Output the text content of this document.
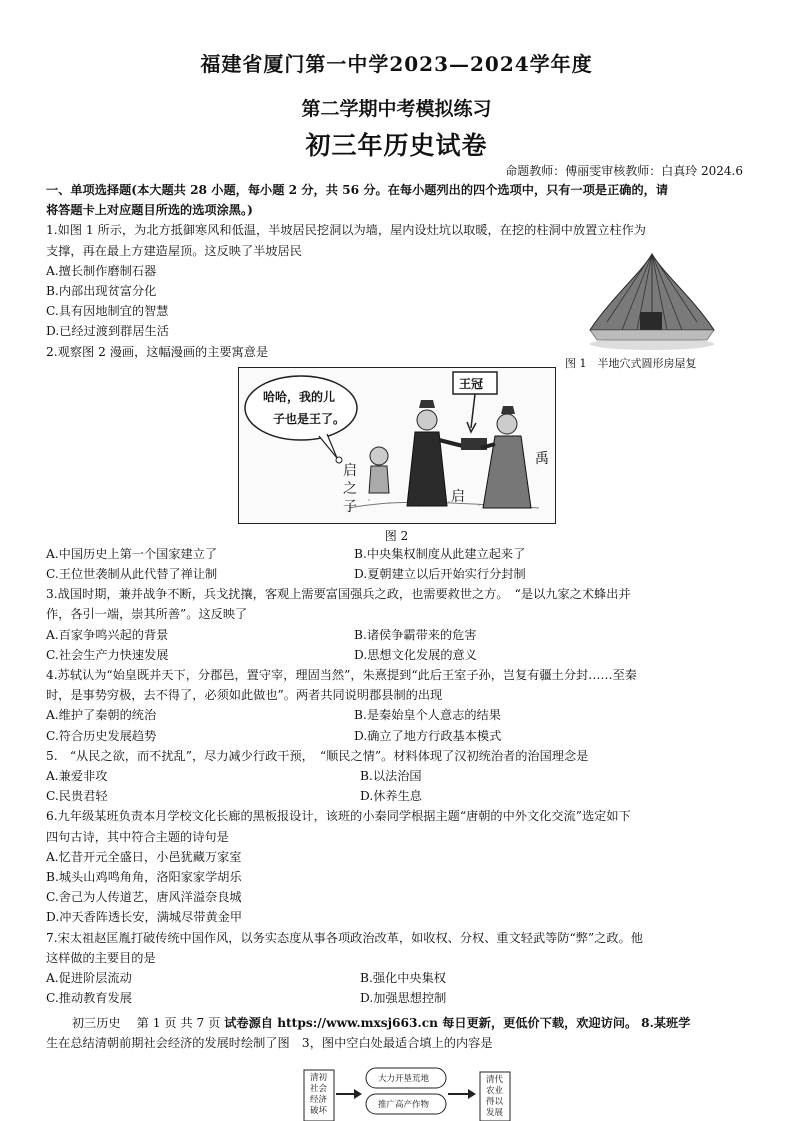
福建省厦门第一中学2023—2024学年度
第二学期中考模拟练习
初三年历史试卷
命题教师：傅丽雯审核教师：白真玲 2024.6
图 1　半地穴式圆形房屋复
哈哈，我的儿
子也是王了。
王冠
禹
启
启
之
子
图 2
一、单项选择题(本大题共 28 小题，每小题 2 分，共 56 分。在每小题列出的四个选项中，只有一项是正确的，请
将答题卡上对应题目所选的选项涂黑。)
1.如图 1 所示，为北方抵御寒风和低温，半坡居民挖洞以为墙，屋内设灶坑以取暖，在挖的柱洞中放置立柱作为
支撑，再在最上方建造屋顶。这反映了半坡居民
A.擅长制作磨制石器
B.内部出现贫富分化
C.具有因地制宜的智慧
D.已经过渡到群居生活
2.观察图 2 漫画，这幅漫画的主要寓意是
A.中国历史上第一个国家建立了	B.中央集权制度从此建立起来了
C.王位世袭制从此代替了禅让制	D.夏朝建立以后开始实行分封制
3.战国时期，兼并战争不断，兵戈扰攘，客观上需要富国强兵之政，也需要救世之方。　“是以九家之术蜂出并
作，各引一端，崇其所善”。这反映了
A.百家争鸣兴起的背景	B.诸侯争霸带来的危害
C.社会生产力快速发展	D.思想文化发展的意义
4.苏轼认为“始皇既并天下，分郡邑，置守宰，理固当然”，朱熹提到“此后王室子孙，岂复有疆土分封……至秦
时，是事势穷极，去不得了，必须如此做也”。两者共同说明郡县制的出现
A.维护了秦朝的统治	B.是秦始皇个人意志的结果
C.符合历史发展趋势	D.确立了地方行政基本模式
5.　“从民之欲，而不扰乱”，尽力减少行政干预，　“顺民之情”。材料体现了汉初统治者的治国理念是
A.兼爱非攻	B.以法治国
C.民贵君轻	D.休养生息
6.九年级某班负责本月学校文化长廊的黑板报设计，该班的小秦同学根据主题“唐朝的中外文化交流”选定如下
四句古诗，其中符合主题的诗句是
A.忆昔开元全盛日，小邑犹藏万家室
B.城头山鸡鸣角角，洛阳家家学胡乐
C.舍己为人传道艺，唐风洋溢奈良城
D.冲天香阵透长安，满城尽带黄金甲
7.宋太祖赵匡胤打破传统中国作风，以务实态度从事各项政治改革，如收权、分权、重文轻武等防“弊”之政。他
这样做的主要目的是
A.促进阶层流动	B.强化中央集权
C.推动教育发展	D.加强思想控制
初三历史　 第 1 页 共 7 页 试卷源自 https://www.mxsj663.cn 每日更新，更低价下载，欢迎访问。 8.某班学
生在总结清朝前期社会经济的发展时绘制了图　3，图中空白处最适合填上的内容是
清初
社会
经济
破坏
大力开垦荒地
推广高产作物
清代
农业
得以
发展
